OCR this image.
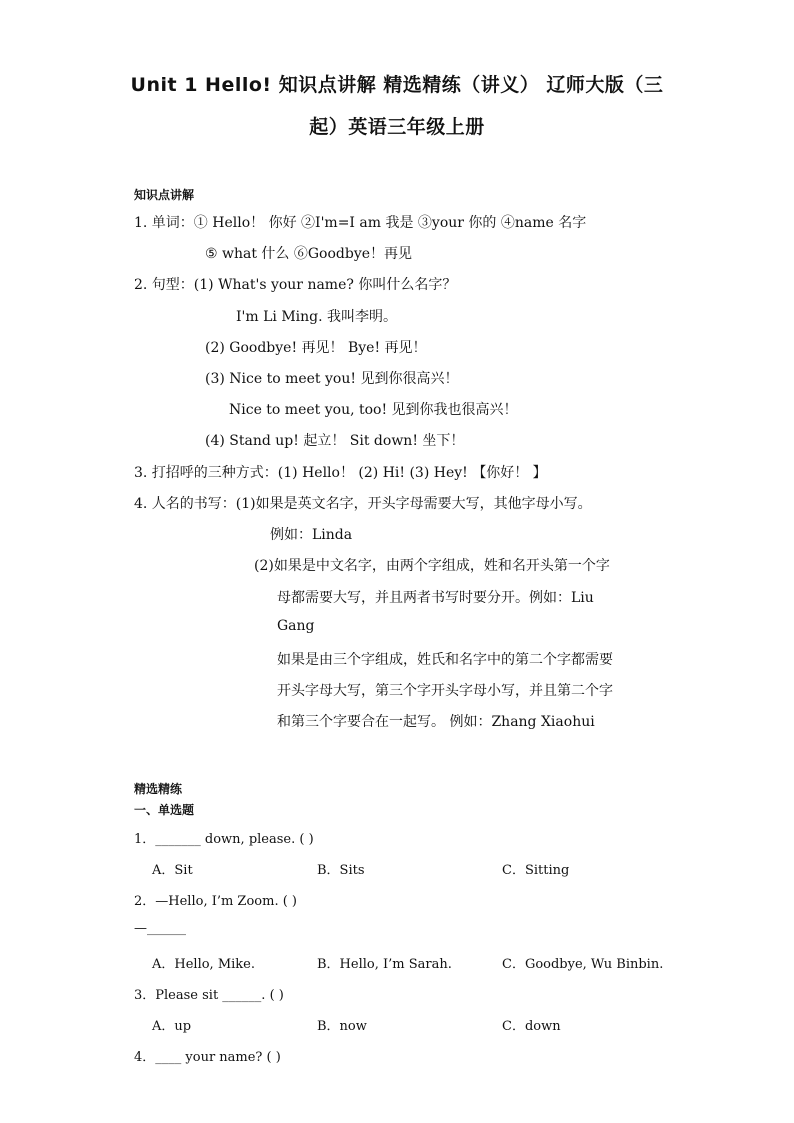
Unit 1 Hello! 知识点讲解 精选精练（讲义） 辽师大版（三
起）英语三年级上册
知识点讲解
1. 单词：① Hello！ 你好 ②I'm=I am 我是 ③your 你的 ④name 名字
⑤ what 什么 ⑥Goodbye！再见
2. 句型：(1) What's your name? 你叫什么名字？
I'm Li Ming. 我叫李明。
(2) Goodbye! 再见！ Bye! 再见！
(3) Nice to meet you! 见到你很高兴！
Nice to meet you, too! 见到你我也很高兴！
(4) Stand up! 起立！ Sit down! 坐下！
3. 打招呼的三种方式：(1) Hello！ (2) Hi! (3) Hey! 【你好！ 】
4. 人名的书写：(1)如果是英文名字，开头字母需要大写，其他字母小写。
例如：Linda
(2)如果是中文名字，由两个字组成，姓和名开头第一个字
母都需要大写，并且两者书写时要分开。例如：Liu
Gang
如果是由三个字组成，姓氏和名字中的第二个字都需要
开头字母大写，第三个字开头字母小写，并且第二个字
和第三个字要合在一起写。 例如：Zhang Xiaohui
精选精练
一、单选题
1．_______ down, please. ( )
A．Sit	B．Sits	C．Sitting
2．—Hello, I’m Zoom. ( )
—______
A．Hello, Mike.	B．Hello, I’m Sarah.	C．Goodbye, Wu Binbin.
3．Please sit ______. ( )
A．up	B．now	C．down
4．____ your name? ( )
